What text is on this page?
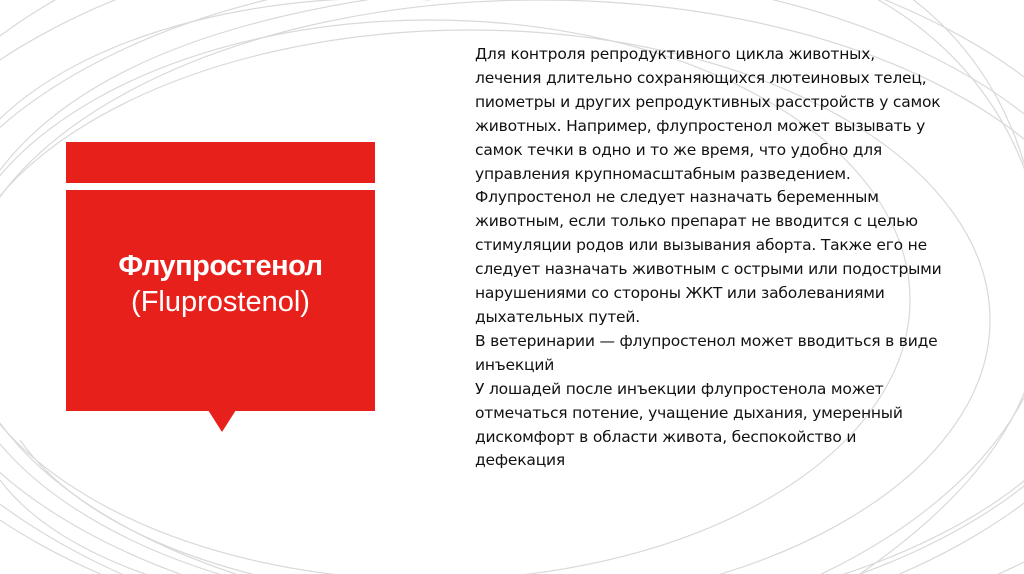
Флупростенол
(Fluprostenol)

Для контроля репродуктивного цикла животных, лечения длительно сохраняющихся лютеиновых телец, пиометры и других репродуктивных расстройств у самок животных. Например, флупростенол может вызывать у самок течки в одно и то же время, что удобно для управления крупномасштабным разведением.

Флупростенол не следует назначать беременным животным, если только препарат не вводится с целью стимуляции родов или вызывания аборта. Также его не следует назначать животным с острыми или подострыми нарушениями со стороны ЖКТ или заболеваниями дыхательных путей.

В ветеринарии — флупростенол может вводиться в виде инъекций

У лошадей после инъекции флупростенола может отмечаться потение, учащение дыхания, умеренный дискомфорт в области живота, беспокойство и дефекация
